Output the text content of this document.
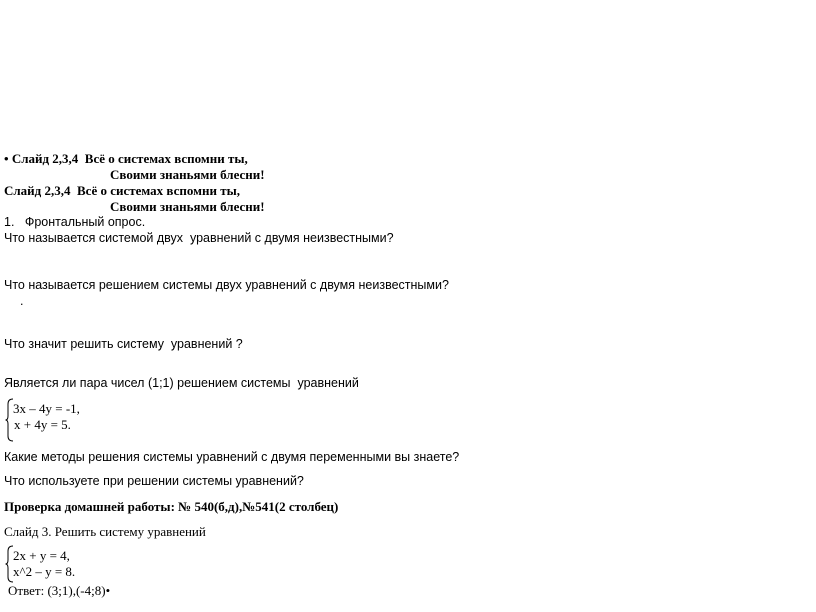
• Слайд 2,3,4  Всё о системах вспомни ты,
Своими знаньями блесни!
Слайд 2,3,4  Всё о системах вспомни ты,
Своими знаньями блесни!
1.   Фронтальный опрос.
Что называется системой двух  уравнений с двумя неизвестными?
Что называется решением системы двух уравнений с двумя неизвестными?
.
Что значит решить систему  уравнений ?
Является ли пара чисел (1;1) решением системы  уравнений
3x – 4y = -1,
x + 4y = 5.
Какие методы решения системы уравнений с двумя переменными вы знаете?
Что используете при решении системы уравнений?
Проверка домашней работы: № 540(б,д),№541(2 столбец)
Слайд 3. Решить систему уравнений
2x + y = 4,
x^2 – y = 8.
Ответ: (3;1),(-4;8)•
